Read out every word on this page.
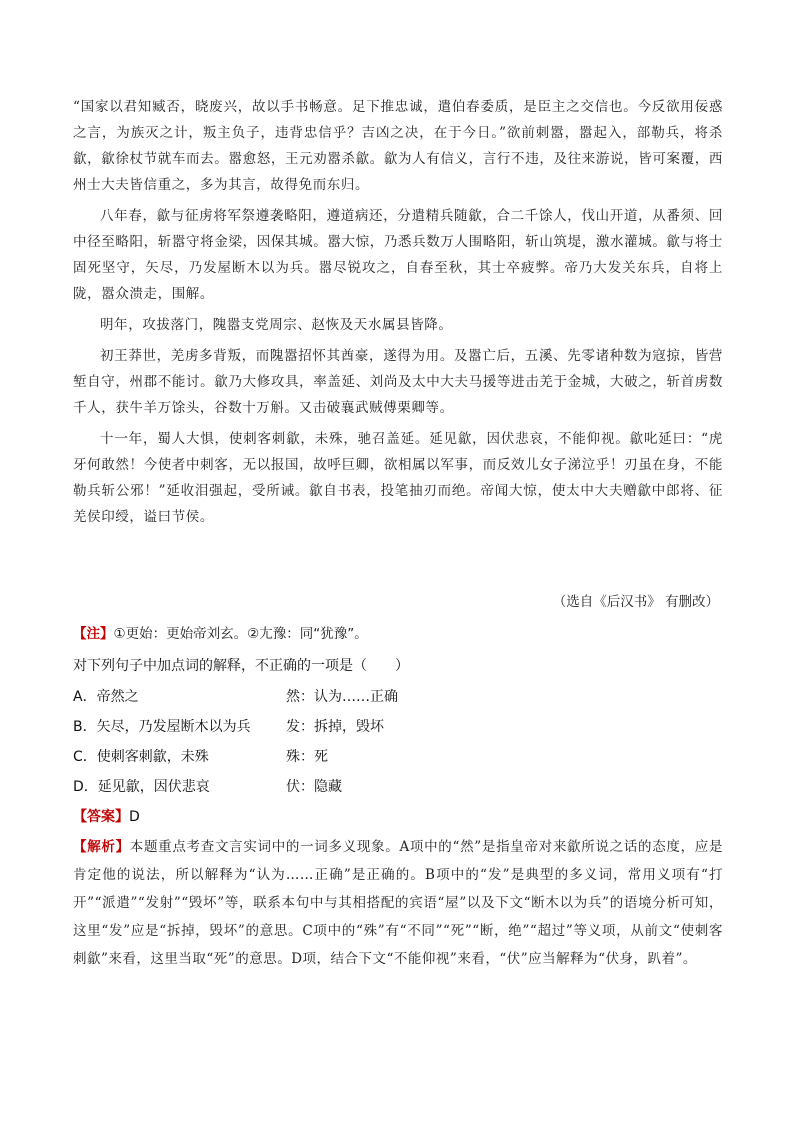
“国家以君知臧否，晓废兴，故以手书畅意。足下推忠诚，遣伯春委质，是臣主之交信也。今反欲用佞惑之言，为族灭之计，叛主负子，违背忠信乎？吉凶之决，在于今日。”欲前刺嚣，嚣起入，部勒兵，将杀歙，歙徐杖节就车而去。嚣愈怒，王元劝嚣杀歙。歙为人有信义，言行不违，及往来游说，皆可案覆，西州士大夫皆信重之，多为其言，故得免而东归。

八年春，歙与征虏将军祭遵袭略阳，遵道病还，分遣精兵随歙，合二千馀人，伐山开道，从番须、回中径至略阳，斩嚣守将金梁，因保其城。嚣大惊，乃悉兵数万人围略阳，斩山筑堤，激水灌城。歙与将士固死坚守，矢尽，乃发屋断木以为兵。嚣尽锐攻之，自春至秋，其士卒疲弊。帝乃大发关东兵，自将上陇，嚣众溃走，围解。

明年，攻拔落门，隗嚣支党周宗、赵恢及天水属县皆降。

初王莽世，羌虏多背叛，而隗嚣招怀其酋豪，遂得为用。及嚣亡后，五溪、先零诸种数为寇掠，皆营堑自守，州郡不能讨。歙乃大修攻具，率盖延、刘尚及太中大夫马援等进击羌于金城，大破之，斩首虏数千人，获牛羊万馀头，谷数十万斛。又击破襄武贼傅栗卿等。

十一年，蜀人大惧，使刺客刺歙，未殊，驰召盖延。延见歙，因伏悲哀，不能仰视。歙叱延曰：“虎牙何敢然！今使者中刺客，无以报国，故呼巨卿，欲相属以军事，而反效儿女子涕泣乎！刃虽在身，不能勒兵斩公邪！”延收泪强起，受所诫。歙自书表，投笔抽刃而绝。帝闻大惊，使太中大夫赠歙中郎将、征羌侯印绶，谥曰节侯。

（选自《后汉书》 有删改）
【注】①更始：更始帝刘玄。②尢豫：同“犹豫”。
对下列句子中加点词的解释，不正确的一项是（　　）
A．帝然之	然：认为……正确
B．矢尽，乃发屋断木以为兵	发：拆掉，毁坏
C．使刺客刺歙，未殊	殊：死
D．延见歙，因伏悲哀	伏：隐藏
【答案】D
【解析】本题重点考查文言实词中的一词多义现象。A项中的“然”是指皇帝对来歙所说之话的态度，应是肯定他的说法，所以解释为“认为……正确”是正确的。B项中的“发”是典型的多义词，常用义项有“打开”“派遣”“发射”“毁坏”等，联系本句中与其相搭配的宾语“屋”以及下文“断木以为兵”的语境分析可知，这里“发”应是“拆掉，毁坏”的意思。C项中的“殊”有“不同”“死”“断，绝”“超过”等义项，从前文“使刺客刺歙”来看，这里当取“死”的意思。D项，结合下文“不能仰视”来看，“伏”应当解释为“伏身，趴着”。
